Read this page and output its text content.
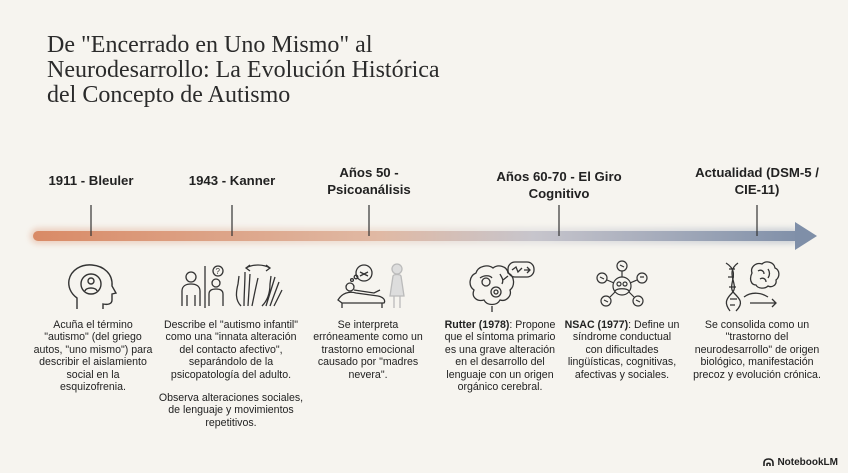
De "Encerrado en Uno Mismo" al Neurodesarrollo: La Evolución Histórica del Concepto de Autismo
1911 - Bleuler	1943 - Kanner
Años 50 - Psicoanálisis
Años 60-70 - El Giro Cognitivo
Actualidad (DSM-5 / CIE-11)
?

Acuña el término "autismo" (del griego autos, "uno mismo") para describir el aislamiento social en la esquizofrenia.

Describe el "autismo infantil" como una "innata alteración del contacto afectivo", separándolo de la psicopatología del adulto.

Observa alteraciones sociales, de lenguaje y movimientos repetitivos.

Se interpreta erróneamente como un trastorno emocional causado por "madres nevera".

Rutter (1978): Propone que el síntoma primario es una grave alteración en el desarrollo del lenguaje con un origen orgánico cerebral.

NSAC (1977): Define un síndrome conductual con dificultades lingüísticas, cognitivas, afectivas y sociales.

Se consolida como un "trastorno del neurodesarrollo" de origen biológico, manifestación precoz y evolución crónica.

NotebookLM
